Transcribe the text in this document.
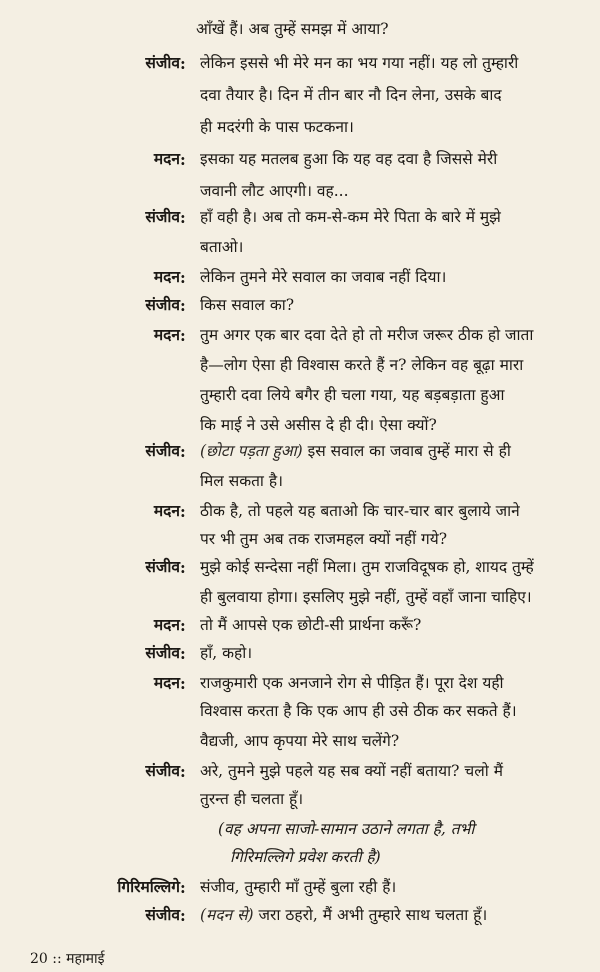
आँखें हैं। अब तुम्हें समझ में आया?
संजीव : लेकिन इससे भी मेरे मन का भय गया नहीं। यह लो तुम्हारी
दवा तैयार है। दिन में तीन बार नौ दिन लेना, उसके बाद
ही मदरंगी के पास फटकना।
मदन : इसका यह मतलब हुआ कि यह वह दवा है जिससे मेरी
जवानी लौट आएगी। वह...
संजीव : हाँ वही है। अब तो कम-से-कम मेरे पिता के बारे में मुझे
बताओ।
मदन : लेकिन तुमने मेरे सवाल का जवाब नहीं दिया।
संजीव : किस सवाल का?
मदन : तुम अगर एक बार दवा देते हो तो मरीज जरूर ठीक हो जाता
है—लोग ऐसा ही विश्वास करते हैं न? लेकिन वह बूढ़ा मारा
तुम्हारी दवा लिये बगैर ही चला गया, यह बड़बड़ाता हुआ
कि माई ने उसे असीस दे ही दी। ऐसा क्यों?
संजीव : (छोटा पड़ता हुआ) इस सवाल का जवाब तुम्हें मारा से ही
मिल सकता है।
मदन : ठीक है, तो पहले यह बताओ कि चार-चार बार बुलाये जाने
पर भी तुम अब तक राजमहल क्यों नहीं गये?
संजीव : मुझे कोई सन्देसा नहीं मिला। तुम राजविदूषक हो, शायद तुम्हें
ही बुलवाया होगा। इसलिए मुझे नहीं, तुम्हें वहाँ जाना चाहिए।
मदन : तो मैं आपसे एक छोटी-सी प्रार्थना करूँ?
संजीव : हाँ, कहो।
मदन : राजकुमारी एक अनजाने रोग से पीड़ित हैं। पूरा देश यही
विश्वास करता है कि एक आप ही उसे ठीक कर सकते हैं।
वैद्यजी, आप कृपया मेरे साथ चलेंगे?
संजीव : अरे, तुमने मुझे पहले यह सब क्यों नहीं बताया? चलो मैं
तुरन्त ही चलता हूँ।
(वह अपना साजो-सामान उठाने लगता है, तभी
गिरिमल्लिगे प्रवेश करती है)
गिरिमल्लिगे : संजीव, तुम्हारी माँ तुम्हें बुला रही हैं।
संजीव : (मदन से) जरा ठहरो, मैं अभी तुम्हारे साथ चलता हूँ।
20 :: महामाई
